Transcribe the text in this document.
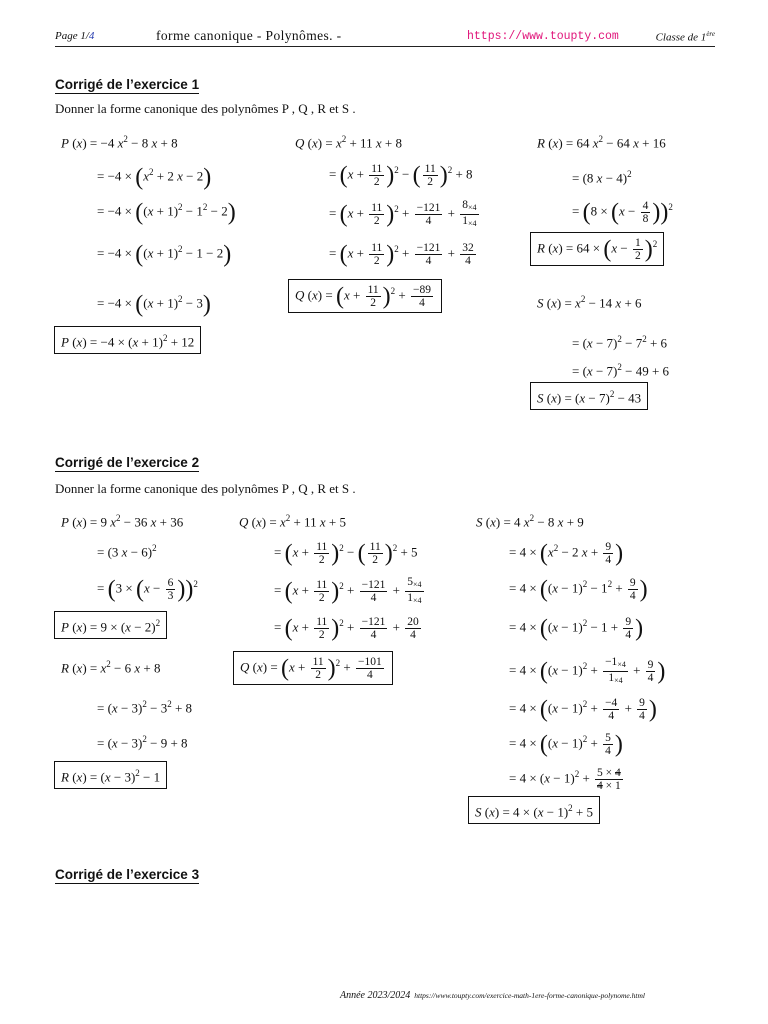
Page 1/4	forme canonique - Polynômes. -	https://www.toupty.com	Classe de 1ère
Corrigé de l’exercice 1
Donner la forme canonique des polynômes P , Q , R et S .
P (x) = −4 $x^2 - 8$ x + 8
= $-4 \times (x^2 + 2$ x − 2)
= $-4 \times ((x + 1)^2 - 1^2 - 2)$
= $-4 \times ((x + 1)^2 - 1 - 2)$
= $-4 \times ((x + 1)^2 - 3)$
P $(x) = -4 \times (x + 1)^2 + 12$
Q $(x) = x^2 + 11$ x + 8
= $(x + \frac{11}{2} )^2$ − ( $\frac{11}{2} )^2 + 8$
= $(x + \frac{11}{2} )^2 + \frac{-121}{4} + \frac{8_{\times 4}}{1_{\times 4}}$
= $(x + \frac{11}{2} )^2 + \frac{-121}{4} + \frac{32}{4}$
Q $(x) = (x + \frac{11}{2} )^2 + \frac{-89}{4}$
R (x) = 64 $x^2 - 64$ x + 16
= (8 x − 4)$^2$
= $(8 \times (x - \frac{4}{8} ))^2$
R $(x) = 64 \times (x - \frac{1}{2} )^2$
S $(x) = x^2 - 14$ x + 6
= $(x - 7)^2 - 7^2 + 6$
= $(x - 7)^2 - 49 + 6$
S $(x) = (x - 7)^2 - 43$
Corrigé de l’exercice 2
Donner la forme canonique des polynômes P , Q , R et S .
P (x) = 9 $x^2 - 36$ x + 36
= (3 x − 6)$^2$
= $(3 \times (x - \frac{6}{3} ))^2$
P $(x) = 9 \times (x - 2)^2$
R $(x) = x^2 - 6$ x + 8
= $(x - 3)^2 - 3^2 + 8$
= $(x - 3)^2 - 9 + 8$
R $(x) = (x - 3)^2 - 1$
Q $(x) = x^2 + 11$ x + 5
= $(x + \frac{11}{2} )^2$ − ( $\frac{11}{2} )^2 + 5$
= $(x + \frac{11}{2} )^2 + \frac{-121}{4} + \frac{5_{\times 4}}{1_{\times 4}}$
= $(x + \frac{11}{2} )^2 + \frac{-121}{4} + \frac{20}{4}$
Q $(x) = (x + \frac{11}{2} )^2 + \frac{-101}{4}$
S (x) = 4 $x^2 - 8$ x + 9
= $4 \times (x^2 - 2$ $x + \frac{9}{4}$ )
= $4 \times ((x - 1)^2 - 1^2 + \frac{9}{4}$ )
= $4 \times ((x - 1)^2 - 1 + \frac{9}{4}$ )
= $4 \times ((x - 1)^2 + \frac{-1_{\times 4}}{1_{\times 4}} + \frac{9}{4}$ )
= $4 \times ((x - 1)^2 + \frac{-4}{4} + \frac{9}{4}$ )
= $4 \times ((x - 1)^2 + \frac{5}{4}$ )
= $4 \times (x - 1)^2 + \frac{5 \times 4}{4 \times 1}$
S $(x) = 4 \times (x - 1)^2 + 5$
Corrigé de l’exercice 3
Année 2023/2024 https://www.toupty.com/exercice-math-1ere-forme-canonique-polynome.html
